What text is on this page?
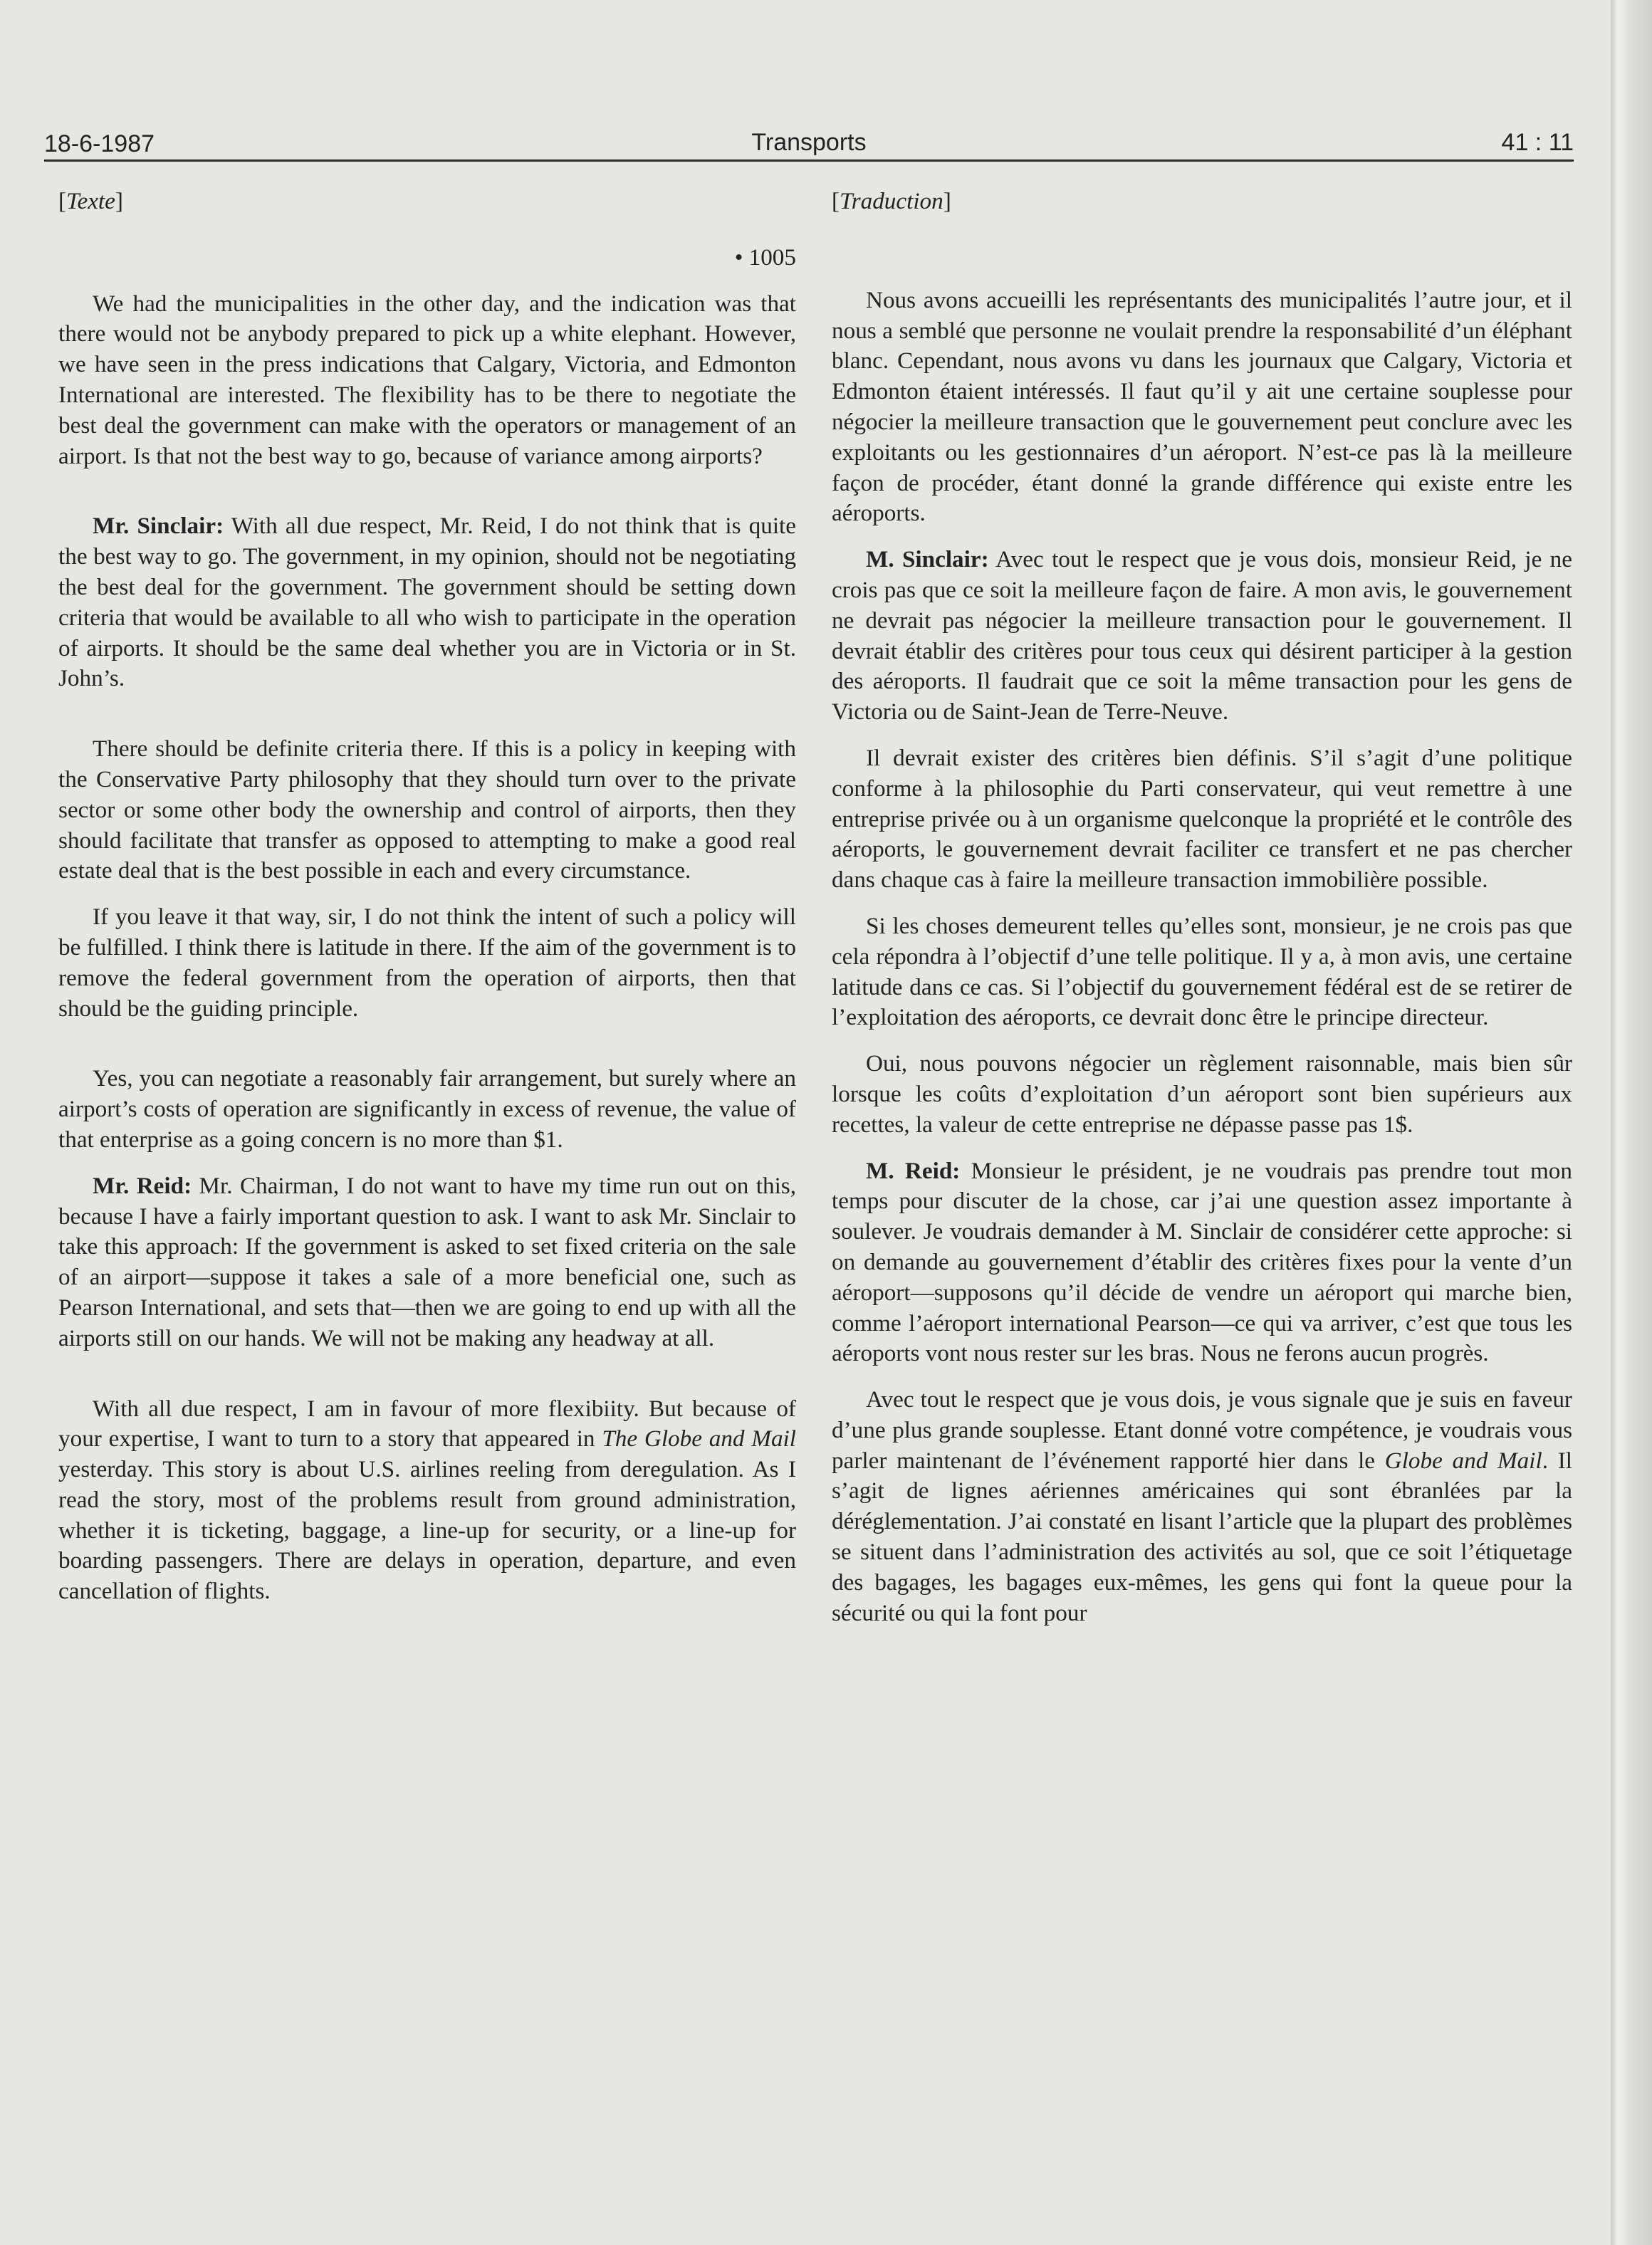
18-6-1987	Transports	41 : 11

[Texte]

• 1005

We had the municipalities in the other day, and the indication was that there would not be anybody prepared to pick up a white elephant. However, we have seen in the press indications that Calgary, Victoria, and Edmonton International are interested. The flexibility has to be there to negotiate the best deal the government can make with the operators or management of an airport. Is that not the best way to go, because of variance among airports?

Mr. Sinclair: With all due respect, Mr. Reid, I do not think that is quite the best way to go. The government, in my opinion, should not be negotiating the best deal for the government. The government should be setting down criteria that would be available to all who wish to participate in the operation of airports. It should be the same deal whether you are in Victoria or in St. John’s.

There should be definite criteria there. If this is a policy in keeping with the Conservative Party philosophy that they should turn over to the private sector or some other body the ownership and control of airports, then they should facilitate that transfer as opposed to attempting to make a good real estate deal that is the best possible in each and every circumstance.

If you leave it that way, sir, I do not think the intent of such a policy will be fulfilled. I think there is latitude in there. If the aim of the government is to remove the federal government from the operation of airports, then that should be the guiding principle.

Yes, you can negotiate a reasonably fair arrangement, but surely where an airport’s costs of operation are significantly in excess of revenue, the value of that enterprise as a going concern is no more than $1.

Mr. Reid: Mr. Chairman, I do not want to have my time run out on this, because I have a fairly important question to ask. I want to ask Mr. Sinclair to take this approach: If the government is asked to set fixed criteria on the sale of an airport—suppose it takes a sale of a more beneficial one, such as Pearson International, and sets that—then we are going to end up with all the airports still on our hands. We will not be making any headway at all.

With all due respect, I am in favour of more flexibiity. But because of your expertise, I want to turn to a story that appeared in The Globe and Mail yesterday. This story is about U.S. airlines reeling from deregulation. As I read the story, most of the problems result from ground administration, whether it is ticketing, baggage, a line-up for security, or a line-up for boarding passengers. There are delays in operation, departure, and even cancellation of flights.

[Traduction]

Nous avons accueilli les représentants des municipalités l’autre jour, et il nous a semblé que personne ne voulait prendre la responsabilité d’un éléphant blanc. Cependant, nous avons vu dans les journaux que Calgary, Victoria et Edmonton étaient intéressés. Il faut qu’il y ait une certaine souplesse pour négocier la meilleure transaction que le gouvernement peut conclure avec les exploitants ou les gestionnaires d’un aéroport. N’est-ce pas là la meilleure façon de procéder, étant donné la grande différence qui existe entre les aéroports.

M. Sinclair: Avec tout le respect que je vous dois, monsieur Reid, je ne crois pas que ce soit la meilleure façon de faire. A mon avis, le gouvernement ne devrait pas négocier la meilleure transaction pour le gouvernement. Il devrait établir des critères pour tous ceux qui désirent participer à la gestion des aéroports. Il faudrait que ce soit la même transaction pour les gens de Victoria ou de Saint-Jean de Terre-Neuve.

Il devrait exister des critères bien définis. S’il s’agit d’une politique conforme à la philosophie du Parti conservateur, qui veut remettre à une entreprise privée ou à un organisme quelconque la propriété et le contrôle des aéroports, le gouvernement devrait faciliter ce transfert et ne pas chercher dans chaque cas à faire la meilleure transaction immobilière possible.

Si les choses demeurent telles qu’elles sont, monsieur, je ne crois pas que cela répondra à l’objectif d’une telle politique. Il y a, à mon avis, une certaine latitude dans ce cas. Si l’objectif du gouvernement fédéral est de se retirer de l’exploitation des aéroports, ce devrait donc être le principe directeur.

Oui, nous pouvons négocier un règlement raisonnable, mais bien sûr lorsque les coûts d’exploitation d’un aéroport sont bien supérieurs aux recettes, la valeur de cette entreprise ne dépasse passe pas 1$.

M. Reid: Monsieur le président, je ne voudrais pas prendre tout mon temps pour discuter de la chose, car j’ai une question assez importante à soulever. Je voudrais demander à M. Sinclair de considérer cette approche: si on demande au gouvernement d’établir des critères fixes pour la vente d’un aéroport—supposons qu’il décide de vendre un aéroport qui marche bien, comme l’aéroport international Pearson—ce qui va arriver, c’est que tous les aéroports vont nous rester sur les bras. Nous ne ferons aucun progrès.

Avec tout le respect que je vous dois, je vous signale que je suis en faveur d’une plus grande souplesse. Etant donné votre compétence, je voudrais vous parler maintenant de l’événement rapporté hier dans le Globe and Mail. Il s’agit de lignes aériennes américaines qui sont ébranlées par la déréglementation. J’ai constaté en lisant l’article que la plupart des problèmes se situent dans l’administration des activités au sol, que ce soit l’étiquetage des bagages, les bagages eux-mêmes, les gens qui font la queue pour la sécurité ou qui la font pour
